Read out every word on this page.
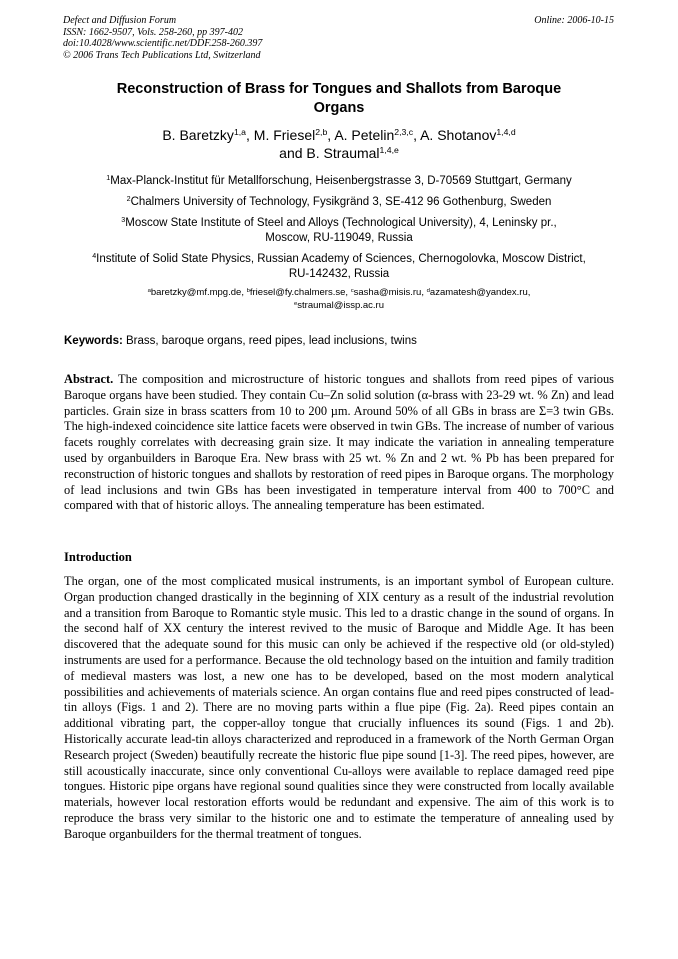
Defect and Diffusion Forum
ISSN: 1662-9507, Vols. 258-260, pp 397-402
doi:10.4028/www.scientific.net/DDF.258-260.397
© 2006 Trans Tech Publications Ltd, Switzerland
Online: 2006-10-15
Reconstruction of Brass for Tongues and Shallots from Baroque
Organs
B. Baretzky$^{1,a}$, M. Friesel$^{2,b}$, A. Petelin$^{2,3,c}$, A. Shotanov$^{1,4,d}$
and B. Straumal$^{1,4,e}$
$^1$Max-Planck-Institut für Metallforschung, Heisenbergstrasse 3, D-70569 Stuttgart, Germany
$^2$Chalmers University of Technology, Fysikgränd 3, SE-412 96 Gothenburg, Sweden
$^3$Moscow State Institute of Steel and Alloys (Technological University), 4, Leninsky pr.,
Moscow, RU-119049, Russia
$^4$Institute of Solid State Physics, Russian Academy of Sciences, Chernogolovka, Moscow District,
RU-142432, Russia
$^a$baretzky@mf.mpg.de, $^b$friesel@fy.chalmers.se, $^c$sasha@misis.ru, $^d$azamatesh@yandex.ru,
$^e$straumal@issp.ac.ru
Keywords: Brass, baroque organs, reed pipes, lead inclusions, twins
Abstract. The composition and microstructure of historic tongues and shallots from reed pipes of various Baroque organs have been studied. They contain Cu–Zn solid solution (α-brass with 23-29 wt. % Zn) and lead particles. Grain size in brass scatters from 10 to 200 µm. Around 50% of all GBs in brass are Σ=3 twin GBs. The high-indexed coincidence site lattice facets were observed in twin GBs. The increase of number of various facets roughly correlates with decreasing grain size. It may indicate the variation in annealing temperature used by organbuilders in Baroque Era. New brass with 25 wt. % Zn and 2 wt. % Pb has been prepared for reconstruction of historic tongues and shallots by restoration of reed pipes in Baroque organs. The morphology of lead inclusions and twin GBs has been investigated in temperature interval from 400 to 700°C and compared with that of historic alloys. The annealing temperature has been estimated.
Introduction
The organ, one of the most complicated musical instruments, is an important symbol of European culture. Organ production changed drastically in the beginning of XIX century as a result of the industrial revolution and a transition from Baroque to Romantic style music. This led to a drastic change in the sound of organs. In the second half of XX century the interest revived to the music of Baroque and Middle Age. It has been discovered that the adequate sound for this music can only be achieved if the respective old (or old-styled) instruments are used for a performance. Because the old technology based on the intuition and family tradition of medieval masters was lost, a new one has to be developed, based on the most modern analytical possibilities and achievements of materials science. An organ contains flue and reed pipes constructed of lead-tin alloys (Figs. 1 and 2). There are no moving parts within a flue pipe (Fig. 2a). Reed pipes contain an additional vibrating part, the copper-alloy tongue that crucially influences its sound (Figs. 1 and 2b). Historically accurate lead-tin alloys characterized and reproduced in a framework of the North German Organ Research project (Sweden) beautifully recreate the historic flue pipe sound [1-3]. The reed pipes, however, are still acoustically inaccurate, since only conventional Cu-alloys were available to replace damaged reed pipe tongues. Historic pipe organs have regional sound qualities since they were constructed from locally available materials, however local restoration efforts would be redundant and expensive. The aim of this work is to reproduce the brass very similar to the historic one and to estimate the temperature of annealing used by Baroque organbuilders for the thermal treatment of tongues.
